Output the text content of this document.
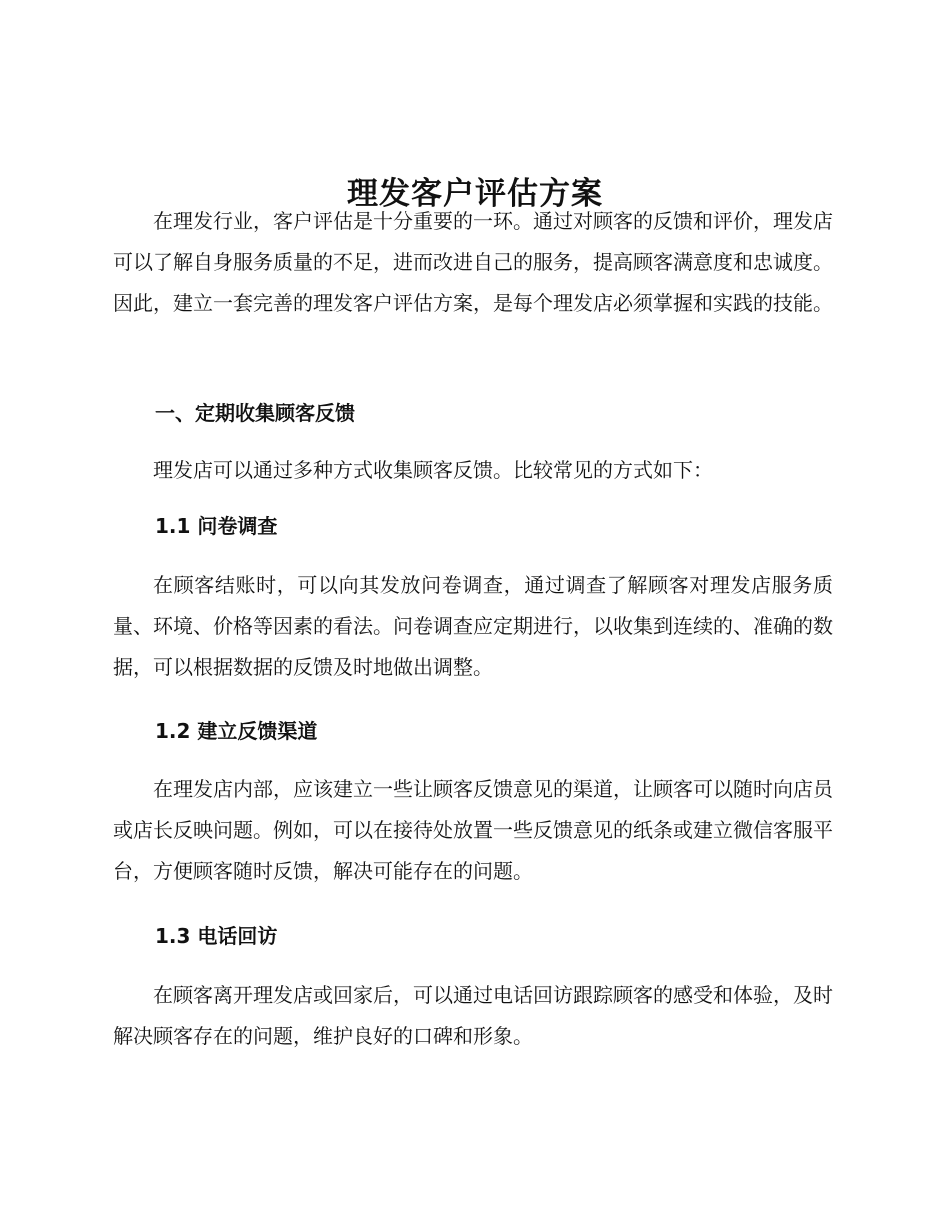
理发客户评估方案

在理发行业，客户评估是十分重要的一环。通过对顾客的反馈和评价，理发店可以了解自身服务质量的不足，进而改进自己的服务，提高顾客满意度和忠诚度。因此，建立一套完善的理发客户评估方案，是每个理发店必须掌握和实践的技能。

一、定期收集顾客反馈

理发店可以通过多种方式收集顾客反馈。比较常见的方式如下：

1.1 问卷调查

在顾客结账时，可以向其发放问卷调查，通过调查了解顾客对理发店服务质量、环境、价格等因素的看法。问卷调查应定期进行，以收集到连续的、准确的数据，可以根据数据的反馈及时地做出调整。

1.2 建立反馈渠道

在理发店内部，应该建立一些让顾客反馈意见的渠道，让顾客可以随时向店员或店长反映问题。例如，可以在接待处放置一些反馈意见的纸条或建立微信客服平台，方便顾客随时反馈，解决可能存在的问题。

1.3 电话回访

在顾客离开理发店或回家后，可以通过电话回访跟踪顾客的感受和体验，及时解决顾客存在的问题，维护良好的口碑和形象。
